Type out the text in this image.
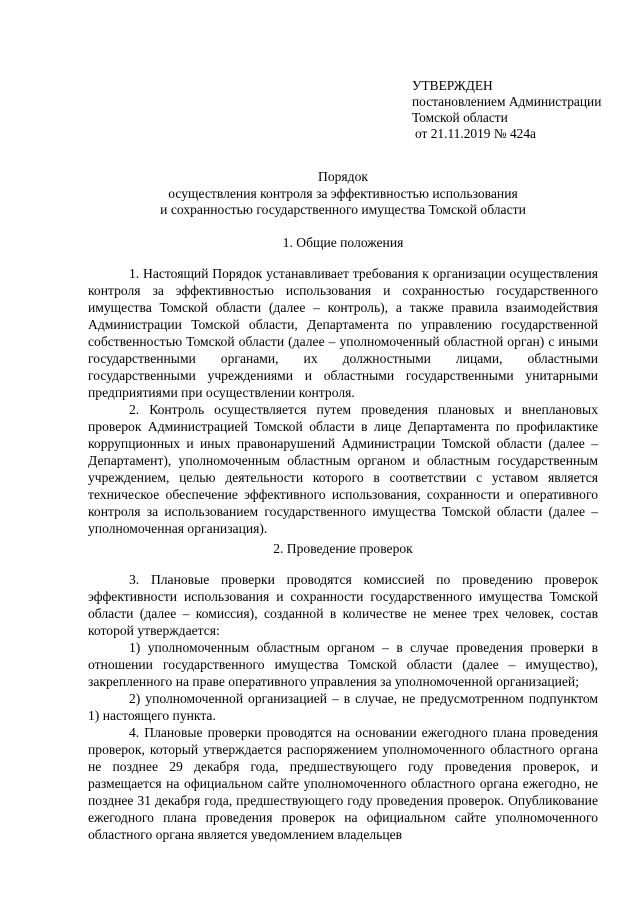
УТВЕРЖДЕН
постановлением Администрации
Томской области
от 21.11.2019 № 424а
Порядок
осуществления контроля за эффективностью использования
и сохранностью государственного имущества Томской области
1. Общие положения

1. Настоящий Порядок устанавливает требования к организации осуществления контроля за эффективностью использования и сохранностью государственного имущества Томской области (далее – контроль), а также правила взаимодействия Администрации Томской области, Департамента по управлению государственной собственностью Томской области (далее – уполномоченный областной орган) с иными государственными органами, их должностными лицами, областными государственными учреждениями и областными государственными унитарными предприятиями при осуществлении контроля.

2. Контроль осуществляется путем проведения плановых и внеплановых проверок Администрацией Томской области в лице Департамента по профилактике коррупционных и иных правонарушений Администрации Томской области (далее – Департамент), уполномоченным областным органом и областным государственным учреждением, целью деятельности которого в соответствии с уставом является техническое обеспечение эффективного использования, сохранности и оперативного контроля за использованием государственного имущества Томской области (далее – уполномоченная организация).

2. Проведение проверок

3. Плановые проверки проводятся комиссией по проведению проверок эффективности использования и сохранности государственного имущества Томской области (далее – комиссия), созданной в количестве не менее трех человек, состав которой утверждается:

1) уполномоченным областным органом – в случае проведения проверки в отношении государственного имущества Томской области (далее – имущество), закрепленного на праве оперативного управления за уполномоченной организацией;

2) уполномоченной организацией – в случае, не предусмотренном подпунктом 1) настоящего пункта.

4. Плановые проверки проводятся на основании ежегодного плана проведения проверок, который утверждается распоряжением уполномоченного областного органа не позднее 29 декабря года, предшествующего году проведения проверок, и размещается на официальном сайте уполномоченного областного органа ежегодно, не позднее 31 декабря года, предшествующего году проведения проверок. Опубликование ежегодного плана проведения проверок на официальном сайте уполномоченного областного органа является уведомлением владельцев
